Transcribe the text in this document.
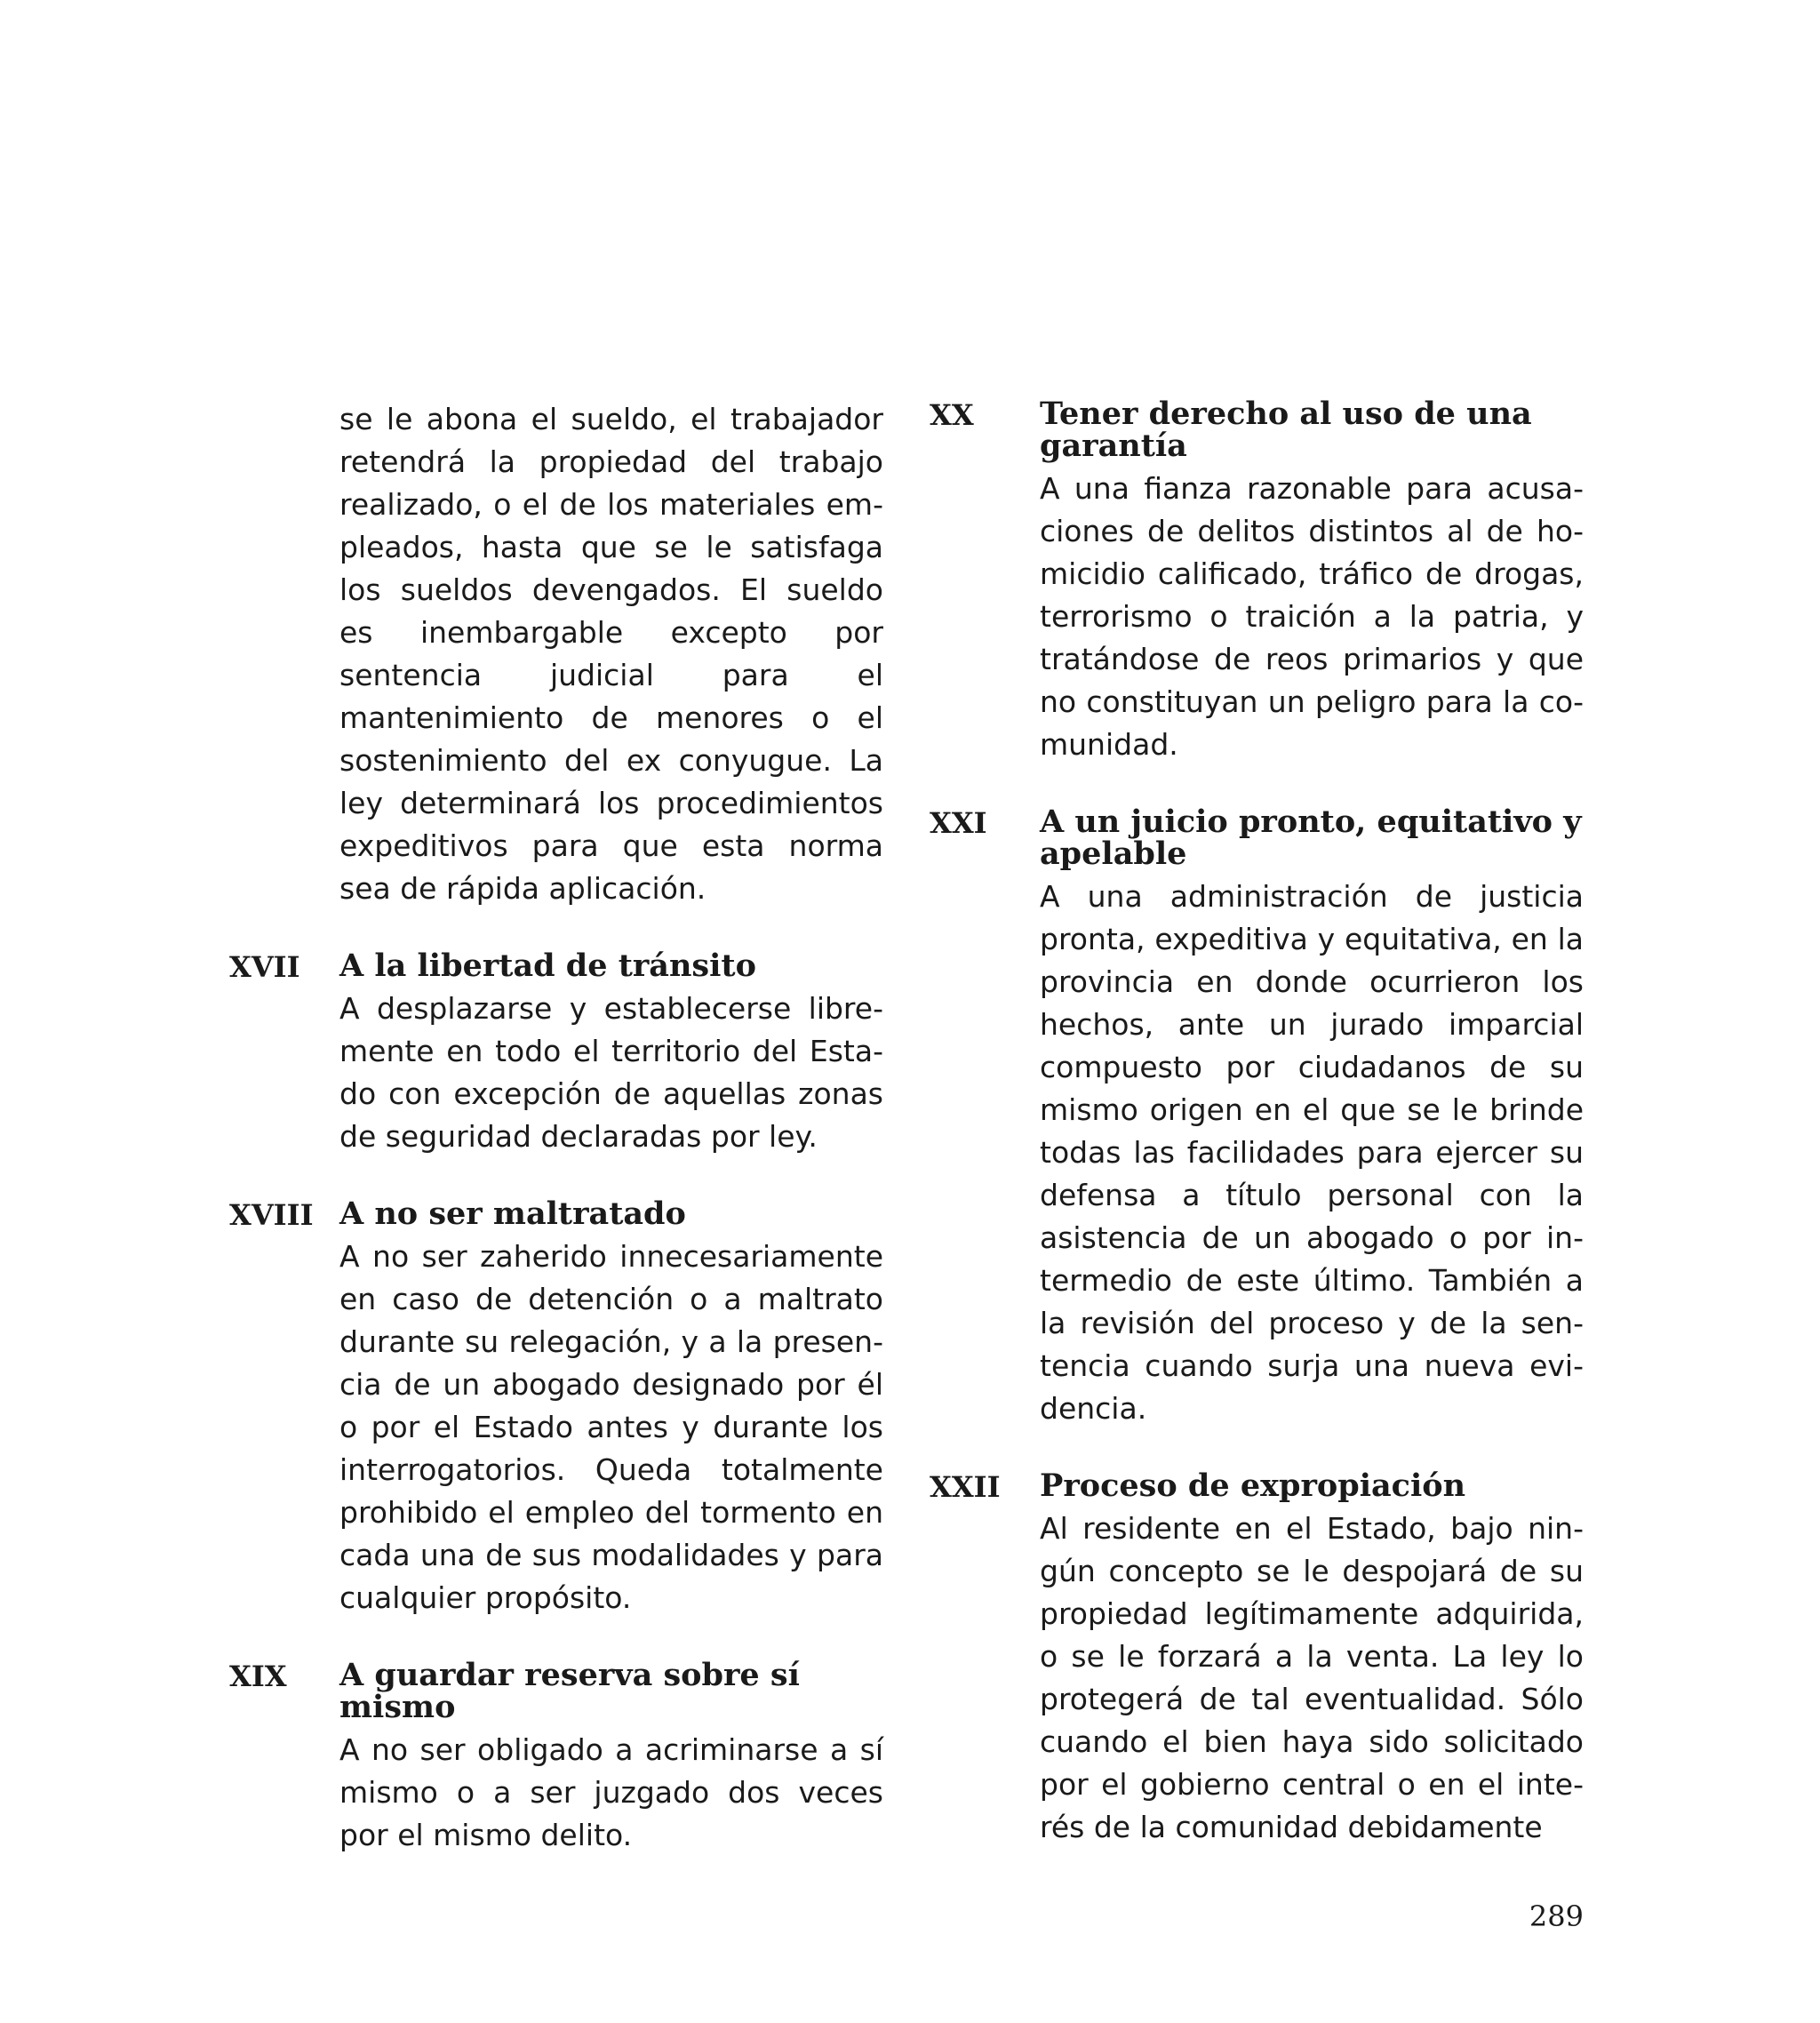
se le abona el sueldo, el trabajador retendrá la propiedad del trabajo realizado, o el de los materiales empleados, hasta que se le satisfaga los sueldos devengados. El sueldo es inembargable excepto por sentencia judicial para el mantenimiento de menores o el sostenimiento del ex conyugue. La ley determinará los procedimientos expeditivos para que esta norma sea de rápida aplicación.

XVII A la libertad de tránsito

A desplazarse y establecerse libremente en todo el territorio del Estado con excepción de aquellas zonas de seguridad declaradas por ley.

XVIII A no ser maltratado

A no ser zaherido innecesariamente en caso de detención o a maltrato durante su relegación, y a la presencia de un abogado designado por él o por el Estado antes y durante los interrogatorios. Queda totalmente prohibido el empleo del tormento en cada una de sus modalidades y para cualquier propósito.

XIX A guardar reserva sobre sí mismo

A no ser obligado a acriminarse a sí mismo o a ser juzgado dos veces por el mismo delito.

XX Tener derecho al uso de una garantía

A una fianza razonable para acusaciones de delitos distintos al de homicidio calificado, tráfico de drogas, terrorismo o traición a la patria, y tratándose de reos primarios y que no constituyan un peligro para la comunidad.

XXI A un juicio pronto, equitativo y apelable

A una administración de justicia pronta, expeditiva y equitativa, en la provincia en donde ocurrieron los hechos, ante un jurado imparcial compuesto por ciudadanos de su mismo origen en el que se le brinde todas las facilidades para ejercer su defensa a título personal con la asistencia de un abogado o por intermedio de este último. También a la revisión del proceso y de la sentencia cuando surja una nueva evidencia.

XXII Proceso de expropiación

Al residente en el Estado, bajo ningún concepto se le despojará de su propiedad legítimamente adquirida, o se le forzará a la venta. La ley lo protegerá de tal eventualidad. Sólo cuando el bien haya sido solicitado por el gobierno central o en el interés de la comunidad debidamente

289
